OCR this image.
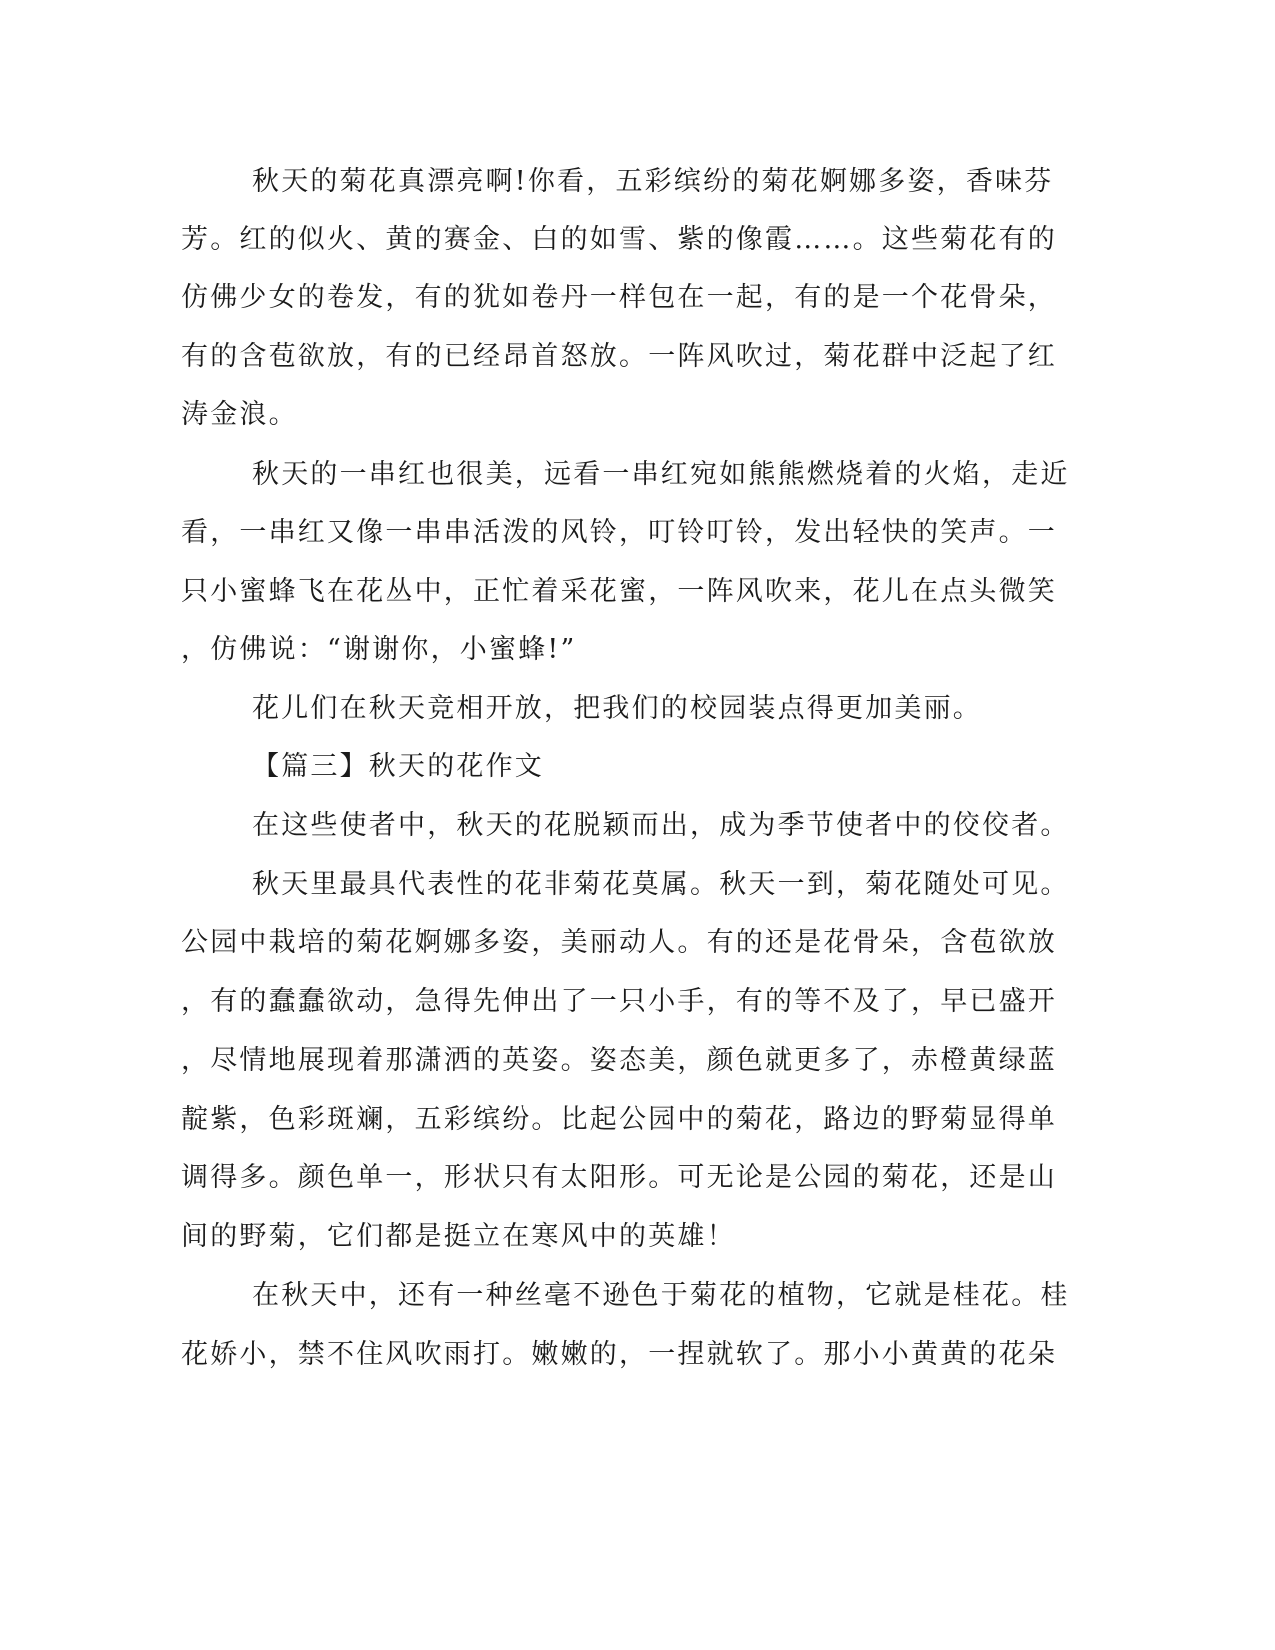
秋天的菊花真漂亮啊!你看，五彩缤纷的菊花婀娜多姿，香味芬

芳。红的似火、黄的赛金、白的如雪、紫的像霞……。这些菊花有的

仿佛少女的卷发，有的犹如卷丹一样包在一起，有的是一个花骨朵，

有的含苞欲放，有的已经昂首怒放。一阵风吹过，菊花群中泛起了红

涛金浪。

秋天的一串红也很美，远看一串红宛如熊熊燃烧着的火焰，走近

看，一串红又像一串串活泼的风铃，叮铃叮铃，发出轻快的笑声。一

只小蜜蜂飞在花丛中，正忙着采花蜜，一阵风吹来，花儿在点头微笑

，仿佛说：“谢谢你，小蜜蜂!”

花儿们在秋天竞相开放，把我们的校园装点得更加美丽。

【篇三】秋天的花作文

在这些使者中，秋天的花脱颖而出，成为季节使者中的佼佼者。

秋天里最具代表性的花非菊花莫属。秋天一到，菊花随处可见。

公园中栽培的菊花婀娜多姿，美丽动人。有的还是花骨朵，含苞欲放

，有的蠢蠢欲动，急得先伸出了一只小手，有的等不及了，早已盛开

，尽情地展现着那潇洒的英姿。姿态美，颜色就更多了，赤橙黄绿蓝

靛紫，色彩斑斓，五彩缤纷。比起公园中的菊花，路边的野菊显得单

调得多。颜色单一，形状只有太阳形。可无论是公园的菊花，还是山

间的野菊，它们都是挺立在寒风中的英雄！

在秋天中，还有一种丝毫不逊色于菊花的植物，它就是桂花。桂

花娇小，禁不住风吹雨打。嫩嫩的，一捏就软了。那小小黄黄的花朵
